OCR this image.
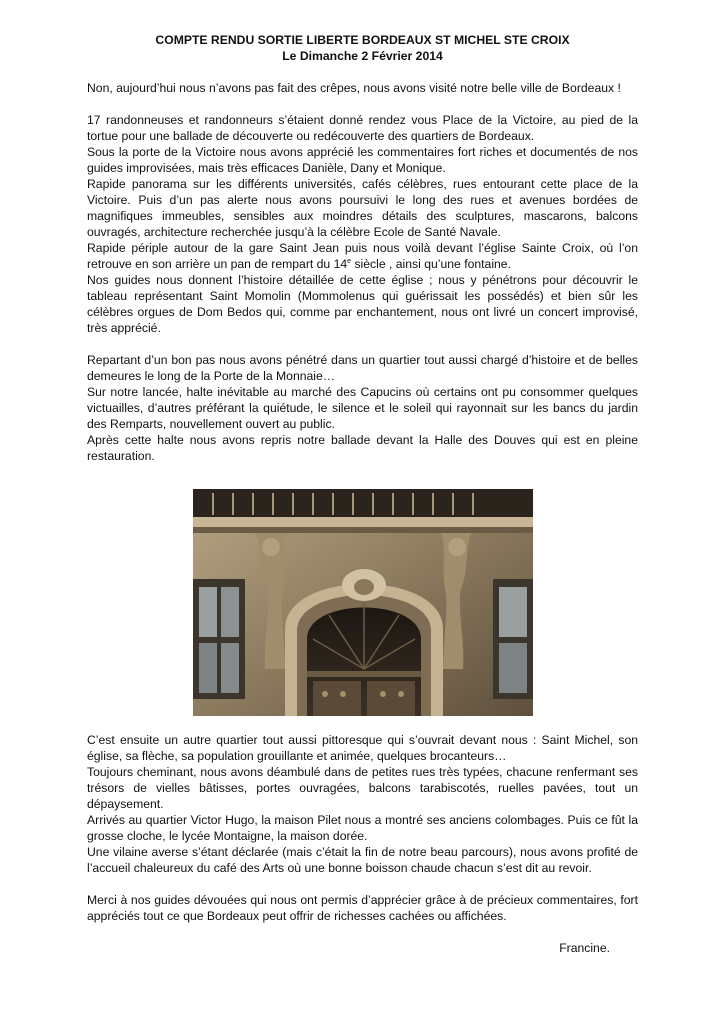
COMPTE RENDU SORTIE LIBERTE BORDEAUX ST MICHEL STE CROIX

Le Dimanche 2 Février 2014

Non, aujourd’hui nous n’avons pas fait des crêpes, nous avons visité notre belle ville de Bordeaux !

17 randonneuses et randonneurs s’étaient donné rendez vous Place de la Victoire, au pied de la tortue pour une ballade de découverte ou redécouverte des quartiers de Bordeaux.

Sous la porte de la Victoire nous avons apprécié les commentaires fort riches et documentés de nos guides improvisées, mais très efficaces Danièle, Dany et Monique.

Rapide panorama sur les différents universités, cafés célèbres, rues entourant cette place de la Victoire. Puis d’un pas alerte nous avons poursuivi le long des rues et avenues bordées de magnifiques immeubles, sensibles aux moindres détails des sculptures, mascarons, balcons ouvragés, architecture recherchée jusqu’à la célèbre Ecole de Santé Navale.

Rapide périple autour de la gare Saint Jean puis nous voilà devant l’église Sainte Croix, où l’on retrouve en son arrière un pan de rempart du 14e siècle , ainsi qu’une fontaine.

Nos guides nous donnent l’histoire détaillée de cette église ; nous y pénétrons pour découvrir le tableau représentant Saint Momolin (Mommolenus qui guérissait les possédés) et bien sûr les célèbres orgues de Dom Bedos qui, comme par enchantement, nous ont livré un concert improvisé, très apprécié.

Repartant d’un bon pas nous avons pénétré dans un quartier tout aussi chargé d’histoire et de belles demeures le long de la Porte de la Monnaie…

Sur notre lancée, halte inévitable au marché des Capucins où certains ont pu consommer quelques victuailles, d’autres préférant la quiétude, le silence et le soleil qui rayonnait sur les bancs du jardin des Remparts, nouvellement ouvert au public.

Après cette halte nous avons repris notre ballade devant la Halle des Douves qui est en pleine restauration.

C’est ensuite un autre quartier tout aussi pittoresque qui s’ouvrait devant nous : Saint Michel, son église, sa flèche, sa population grouillante et animée, quelques brocanteurs…

Toujours cheminant, nous avons déambulé dans de petites rues très typées, chacune renfermant ses trésors de vielles bâtisses, portes ouvragées, balcons tarabiscotés, ruelles pavées, tout un dépaysement.

Arrivés au quartier Victor Hugo, la maison Pilet nous a montré ses anciens colombages. Puis ce fût la grosse cloche, le lycée Montaigne, la maison dorée.

Une vilaine averse s’étant déclarée (mais c’était la fin de notre beau parcours), nous avons profité de l’accueil chaleureux du café des Arts où une bonne boisson chaude chacun s’est dit au revoir.

Merci à nos guides dévouées qui nous ont permis d’apprécier grâce à de précieux commentaires, fort appréciés tout ce que Bordeaux peut offrir de richesses cachées ou affichées.

Francine.
